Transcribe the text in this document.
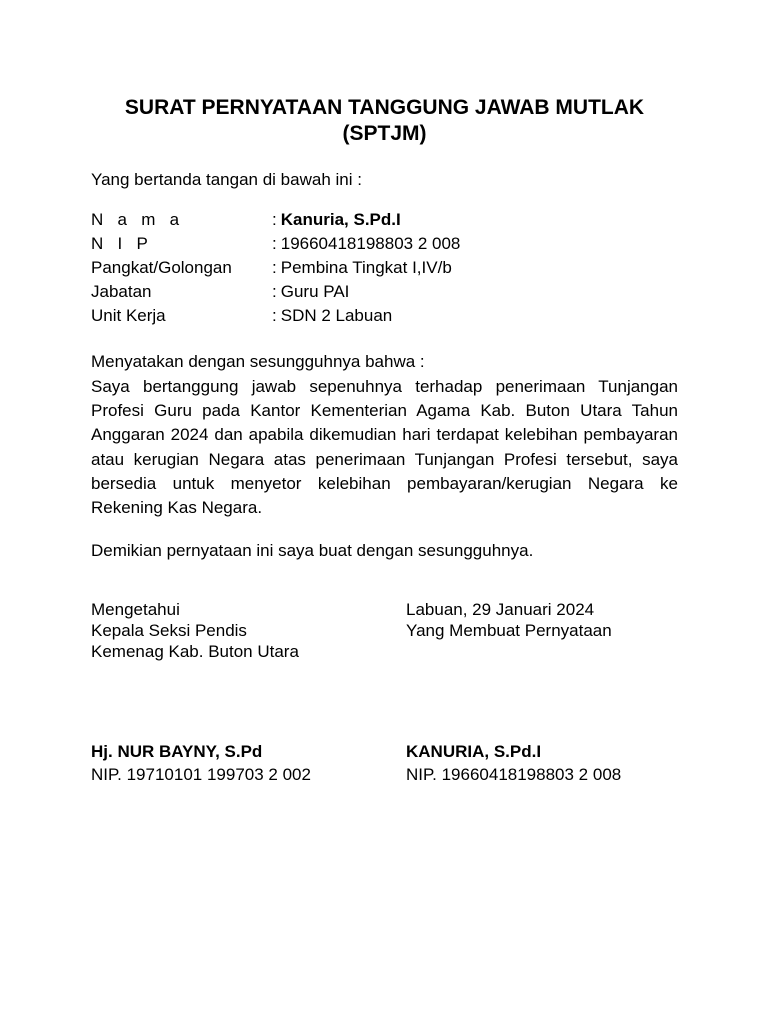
SURAT PERNYATAAN TANGGUNG JAWAB MUTLAK
(SPTJM)
Yang bertanda tangan di bawah ini :
N a m a	: Kanuria, S.Pd.I
N I P	: 19660418198803 2 008
Pangkat/Golongan	: Pembina Tingkat I,IV/b
Jabatan	: Guru PAI
Unit Kerja	: SDN 2 Labuan
Menyatakan dengan sesungguhnya bahwa :
Saya bertanggung jawab sepenuhnya terhadap penerimaan Tunjangan Profesi Guru pada Kantor Kementerian Agama Kab. Buton Utara Tahun Anggaran 2024 dan apabila dikemudian hari terdapat kelebihan pembayaran atau kerugian Negara atas penerimaan Tunjangan Profesi tersebut, saya bersedia untuk menyetor kelebihan pembayaran/kerugian Negara ke Rekening Kas Negara.
Demikian pernyataan ini saya buat dengan sesungguhnya.
Mengetahui
Kepala Seksi Pendis
Kemenag Kab. Buton Utara
Labuan, 29 Januari 2024
Yang Membuat Pernyataan
Hj. NUR BAYNY, S.Pd
NIP. 19710101 199703 2 002
KANURIA, S.Pd.I
NIP. 19660418198803 2 008
